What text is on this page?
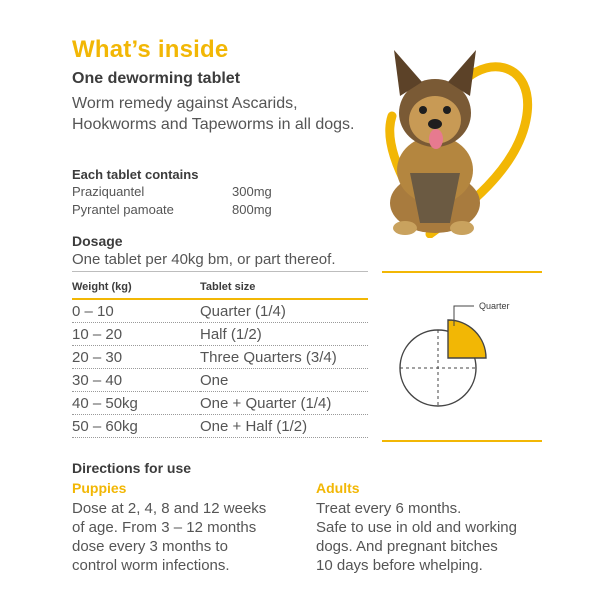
What’s inside
One deworming tablet
Worm remedy against Ascarids, Hookworms and Tapeworms in all dogs.
Each tablet contains
Praziquantel	300mg
Pyrantel pamoate	800mg
Dosage
One tablet per 40kg bm, or part thereof.
Weight (kg)	Tablet size
0 – 10	Quarter (1/4)
10 – 20	Half (1/2)
20 – 30	Three Quarters (3/4)
30 – 40	One
40 – 50kg	One + Quarter (1/4)
50 – 60kg	One + Half (1/2)
Quarter
Directions for use
Puppies
Dose at 2, 4, 8 and 12 weeks
of age. From 3 – 12 months
dose every 3 months to
control worm infections.
Adults
Treat every 6 months.
Safe to use in old and working
dogs. And pregnant bitches
10 days before whelping.
